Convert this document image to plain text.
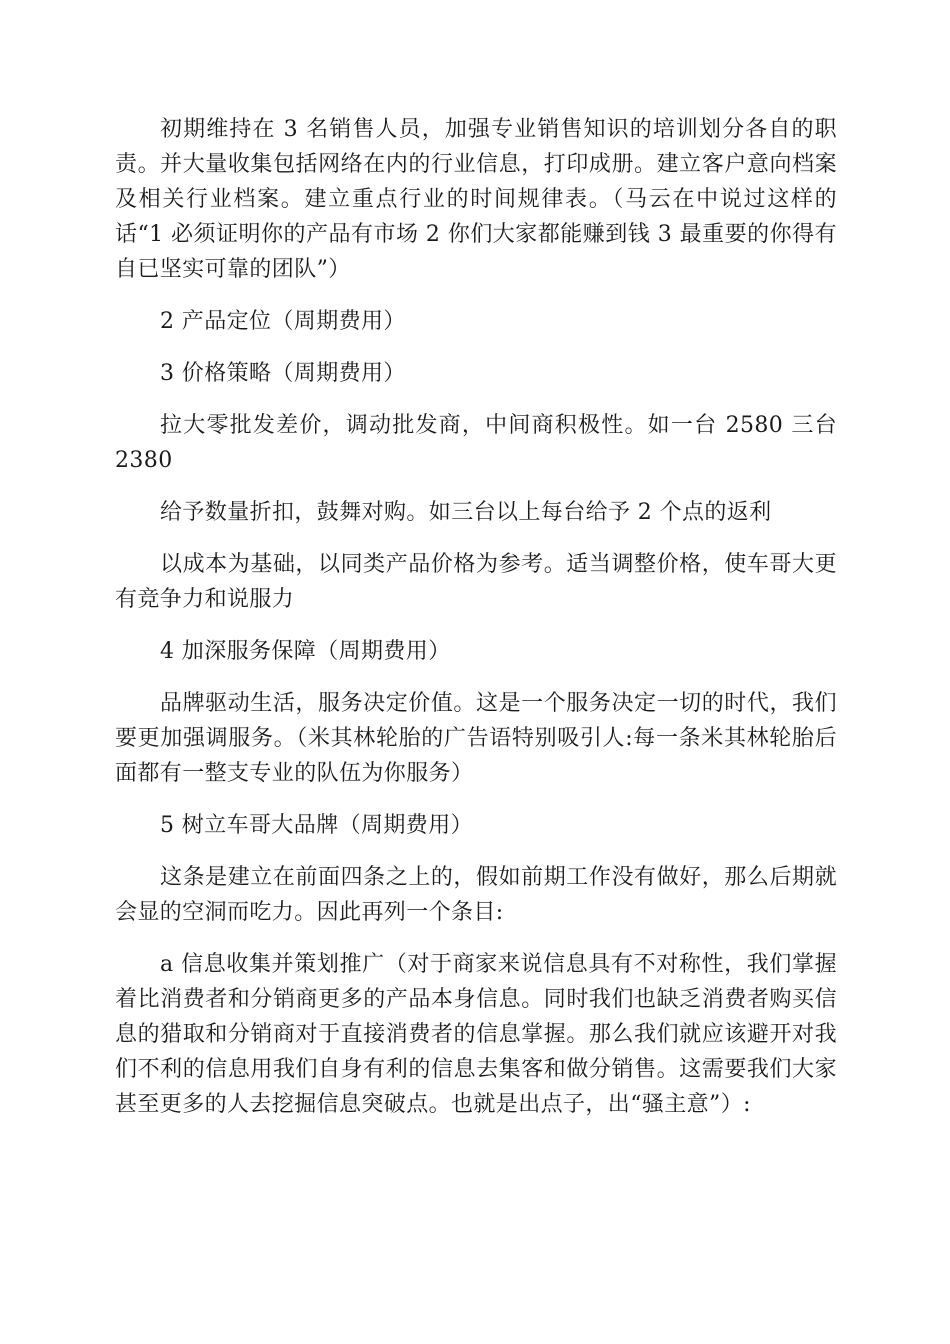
初期维持在 3 名销售人员，加强专业销售知识的培训划分各自的职责。并大量收集包括网络在内的行业信息，打印成册。建立客户意向档案及相关行业档案。建立重点行业的时间规律表。（马云在中说过这样的话“1 必须证明你的产品有市场 2 你们大家都能赚到钱 3 最重要的你得有自已坚实可靠的团队”）

2 产品定位（周期费用）

3 价格策略（周期费用）

拉大零批发差价，调动批发商，中间商积极性。如一台 2580 三台 2380

给予数量折扣，鼓舞对购。如三台以上每台给予 2 个点的返利

以成本为基础，以同类产品价格为参考。适当调整价格，使车哥大更有竞争力和说服力

4 加深服务保障（周期费用）

品牌驱动生活，服务决定价值。这是一个服务决定一切的时代，我们要更加强调服务。（米其林轮胎的广告语特别吸引人:每一条米其林轮胎后面都有一整支专业的队伍为你服务）

5 树立车哥大品牌（周期费用）

这条是建立在前面四条之上的，假如前期工作没有做好，那么后期就会显的空洞而吃力。因此再列一个条目:

a 信息收集并策划推广（对于商家来说信息具有不对称性，我们掌握着比消费者和分销商更多的产品本身信息。同时我们也缺乏消费者购买信息的猎取和分销商对于直接消费者的信息掌握。那么我们就应该避开对我们不利的信息用我们自身有利的信息去集客和做分销售。这需要我们大家甚至更多的人去挖掘信息突破点。也就是出点子，出“骚主意”）:
